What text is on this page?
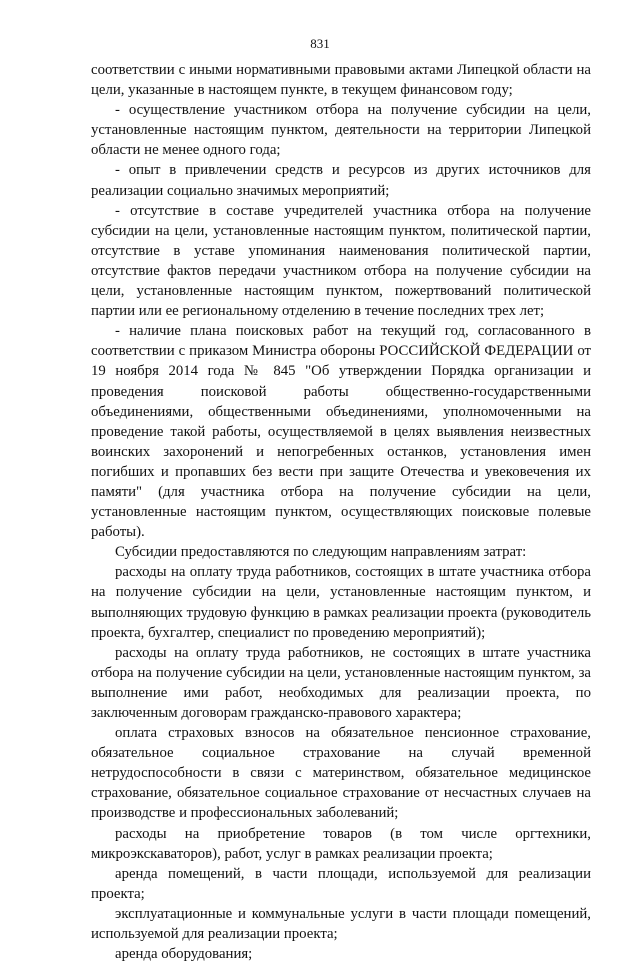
831

соответствии с иными нормативными правовыми актами Липецкой области на цели, указанные в настоящем пункте, в текущем финансовом году;

- осуществление участником отбора на получение субсидии на цели, установленные настоящим пунктом, деятельности на территории Липецкой области не менее одного года;

- опыт в привлечении средств и ресурсов из других источников для реализации социально значимых мероприятий;

- отсутствие в составе учредителей участника отбора на получение субсидии на цели, установленные настоящим пунктом, политической партии, отсутствие в уставе упоминания наименования политической партии, отсутствие фактов передачи участником отбора на получение субсидии на цели, установленные настоящим пунктом, пожертвований политической партии или ее региональному отделению в течение последних трех лет;

- наличие плана поисковых работ на текущий год, согласованного в соответствии с приказом Министра обороны РОССИЙСКОЙ ФЕДЕРАЦИИ от 19 ноября 2014 года № 845 "Об утверждении Порядка организации и проведения поисковой работы общественно-государственными объединениями, общественными объединениями, уполномоченными на проведение такой работы, осуществляемой в целях выявления неизвестных воинских захоронений и непогребенных останков, установления имен погибших и пропавших без вести при защите Отечества и увековечения их памяти" (для участника отбора на получение субсидии на цели, установленные настоящим пунктом, осуществляющих поисковые полевые работы).

Субсидии предоставляются по следующим направлениям затрат:

расходы на оплату труда работников, состоящих в штате участника отбора на получение субсидии на цели, установленные настоящим пунктом, и выполняющих трудовую функцию в рамках реализации проекта (руководитель проекта, бухгалтер, специалист по проведению мероприятий);

расходы на оплату труда работников, не состоящих в штате участника отбора на получение субсидии на цели, установленные настоящим пунктом, за выполнение ими работ, необходимых для реализации проекта, по заключенным договорам гражданско-правового характера;

оплата страховых взносов на обязательное пенсионное страхование, обязательное социальное страхование на случай временной нетрудоспособности в связи с материнством, обязательное медицинское страхование, обязательное социальное страхование от несчастных случаев на производстве и профессиональных заболеваний;

расходы на приобретение товаров (в том числе оргтехники, микроэкскаваторов), работ, услуг в рамках реализации проекта;

аренда помещений, в части площади, используемой для реализации проекта;

эксплуатационные и коммунальные услуги в части площади помещений, используемой для реализации проекта;

аренда оборудования;
